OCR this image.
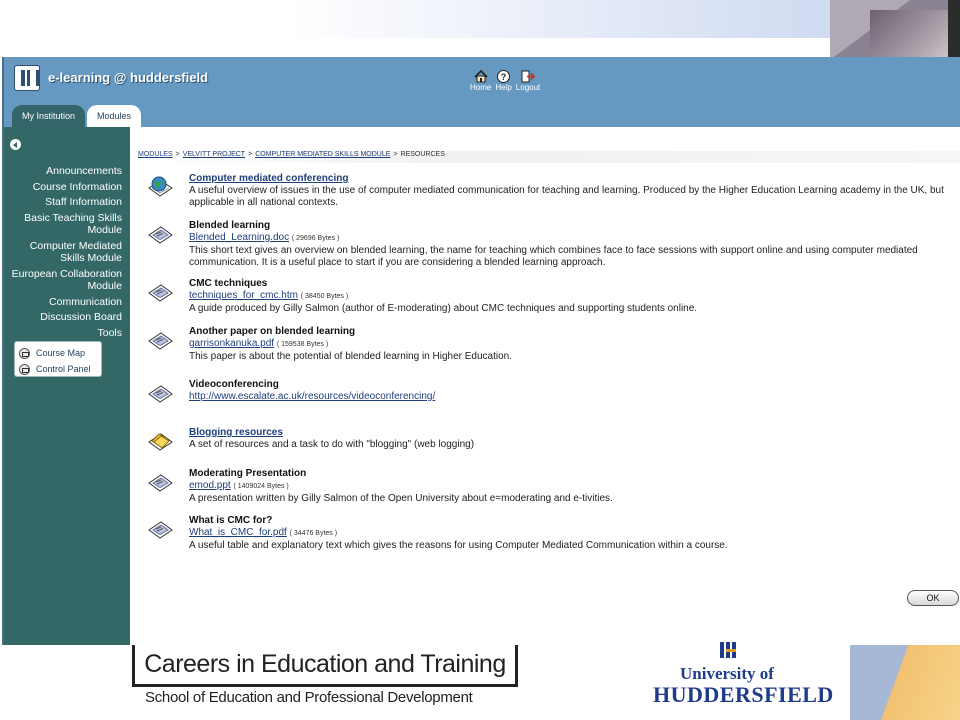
e-learning @ huddersfield
Home
?
Help Logout
My Institution	Modules
Announcements
Course Information
Staff Information
Basic Teaching Skills Module
Computer Mediated Skills Module
European Collaboration Module
Communication
Discussion Board
Tools
Course Map
Control Panel
MODULES > VELVITT PROJECT > COMPUTER MEDIATED SKILLS MODULE > RESOURCES
Computer mediated conferencing
A useful overview of issues in the use of computer mediated communication for teaching and learning. Produced by the Higher Education Learning academy in the UK, but applicable in all national contexts.
Blended learning
Blended_Learning.doc ( 29696 Bytes )
This short text gives an overview on blended learning, the name for teaching which combines face to face sessions with support online and using computer mediated communication. It is a useful place to start if you are considering a blended learning approach.
CMC techniques
techniques_for_cmc.htm ( 38450 Bytes )
A guide produced by Gilly Salmon (author of E-moderating) about CMC techniques and supporting students online.
Another paper on blended learning
garrisonkanuka.pdf ( 159538 Bytes )
This paper is about the potential of blended learning in Higher Education.
Videoconferencing
http://www.escalate.ac.uk/resources/videoconferencing/
Blogging resources
A set of resources and a task to do with "blogging" (web logging)
Moderating Presentation
emod.ppt ( 1409024 Bytes )
A presentation written by Gilly Salmon of the Open University about e=moderating and e-tivities.
What is CMC for?
What_is_CMC_for.pdf ( 34476 Bytes )
A useful table and explanatory text which gives the reasons for using Computer Mediated Communication within a course.
OK
Careers in Education and Training
School of Education and Professional Development
University of
HUDDERSFIELD
